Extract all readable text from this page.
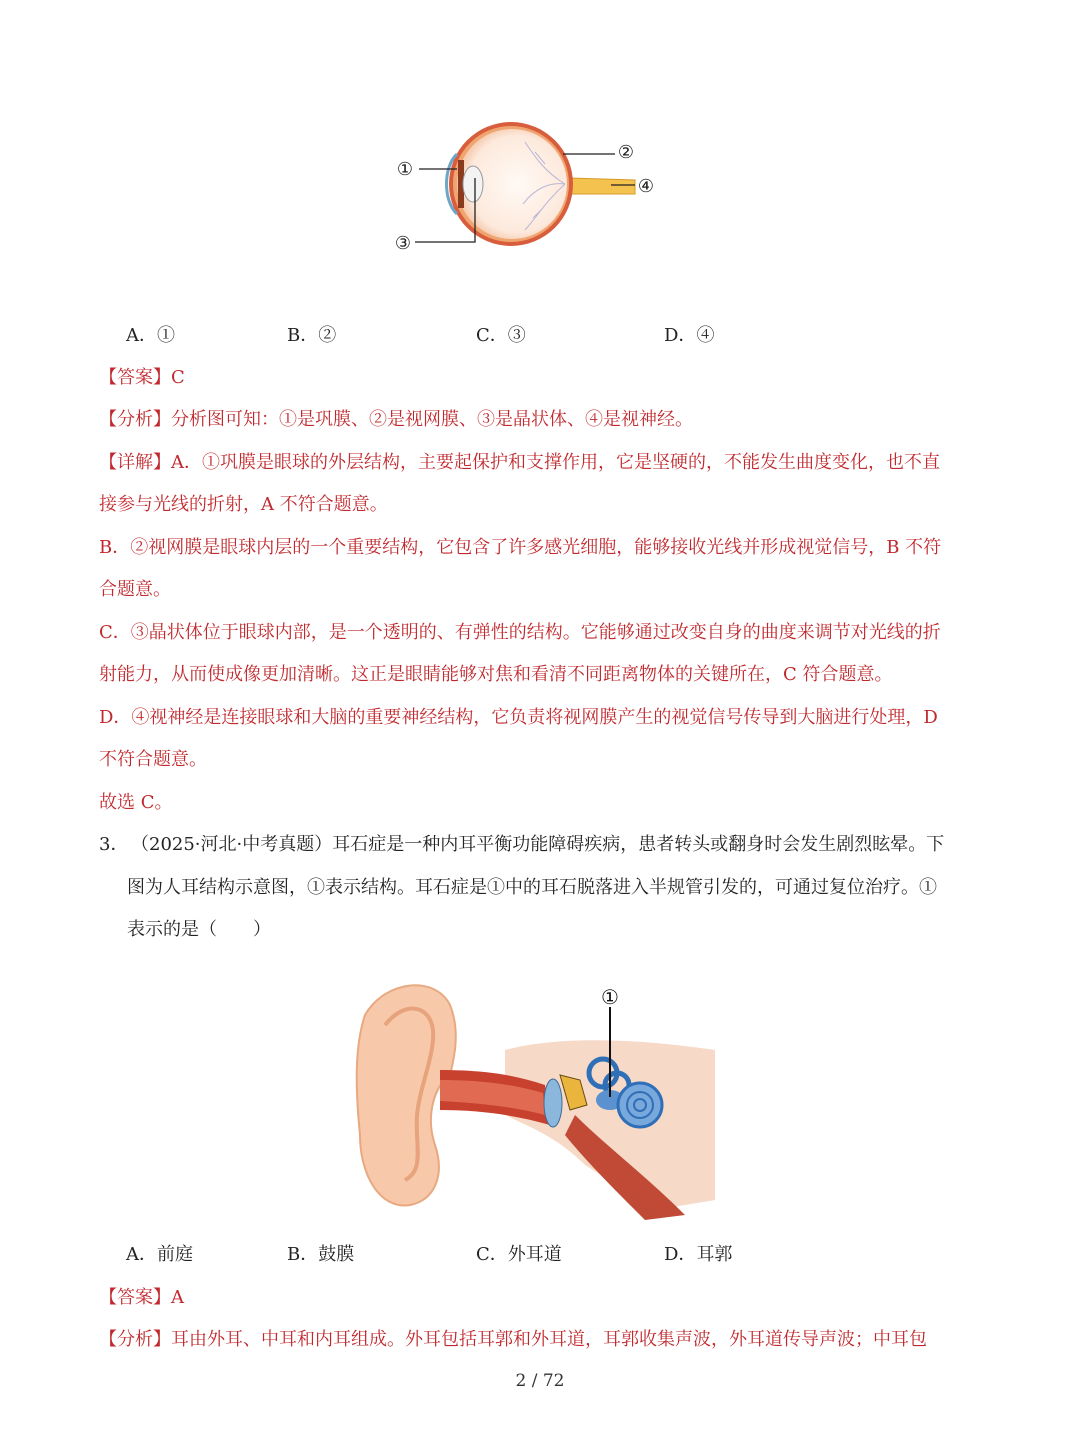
①
②
③
④
A．①	B．②	C．③	D．④
【答案】C
【分析】分析图可知：①是巩膜、②是视网膜、③是晶状体、④是视神经。
【详解】A．①巩膜是眼球的外层结构，主要起保护和支撑作用，它是坚硬的，不能发生曲度变化，也不直
接参与光线的折射，A 不符合题意。
B．②视网膜是眼球内层的一个重要结构，它包含了许多感光细胞，能够接收光线并形成视觉信号，B 不符
合题意。
C．③晶状体位于眼球内部，是一个透明的、有弹性的结构。它能够通过改变自身的曲度来调节对光线的折
射能力，从而使成像更加清晰。这正是眼睛能够对焦和看清不同距离物体的关键所在，C 符合题意。
D．④视神经是连接眼球和大脑的重要神经结构，它负责将视网膜产生的视觉信号传导到大脑进行处理，D
不符合题意。
故选 C。
3． （2025·河北·中考真题）耳石症是一种内耳平衡功能障碍疾病，患者转头或翻身时会发生剧烈眩晕。下
图为人耳结构示意图，①表示结构。耳石症是①中的耳石脱落进入半规管引发的，可通过复位治疗。①
表示的是（　　）
①
A．前庭	B．鼓膜	C．外耳道	D．耳郭
【答案】A
【分析】耳由外耳、中耳和内耳组成。外耳包括耳郭和外耳道，耳郭收集声波，外耳道传导声波；中耳包
2 / 72
